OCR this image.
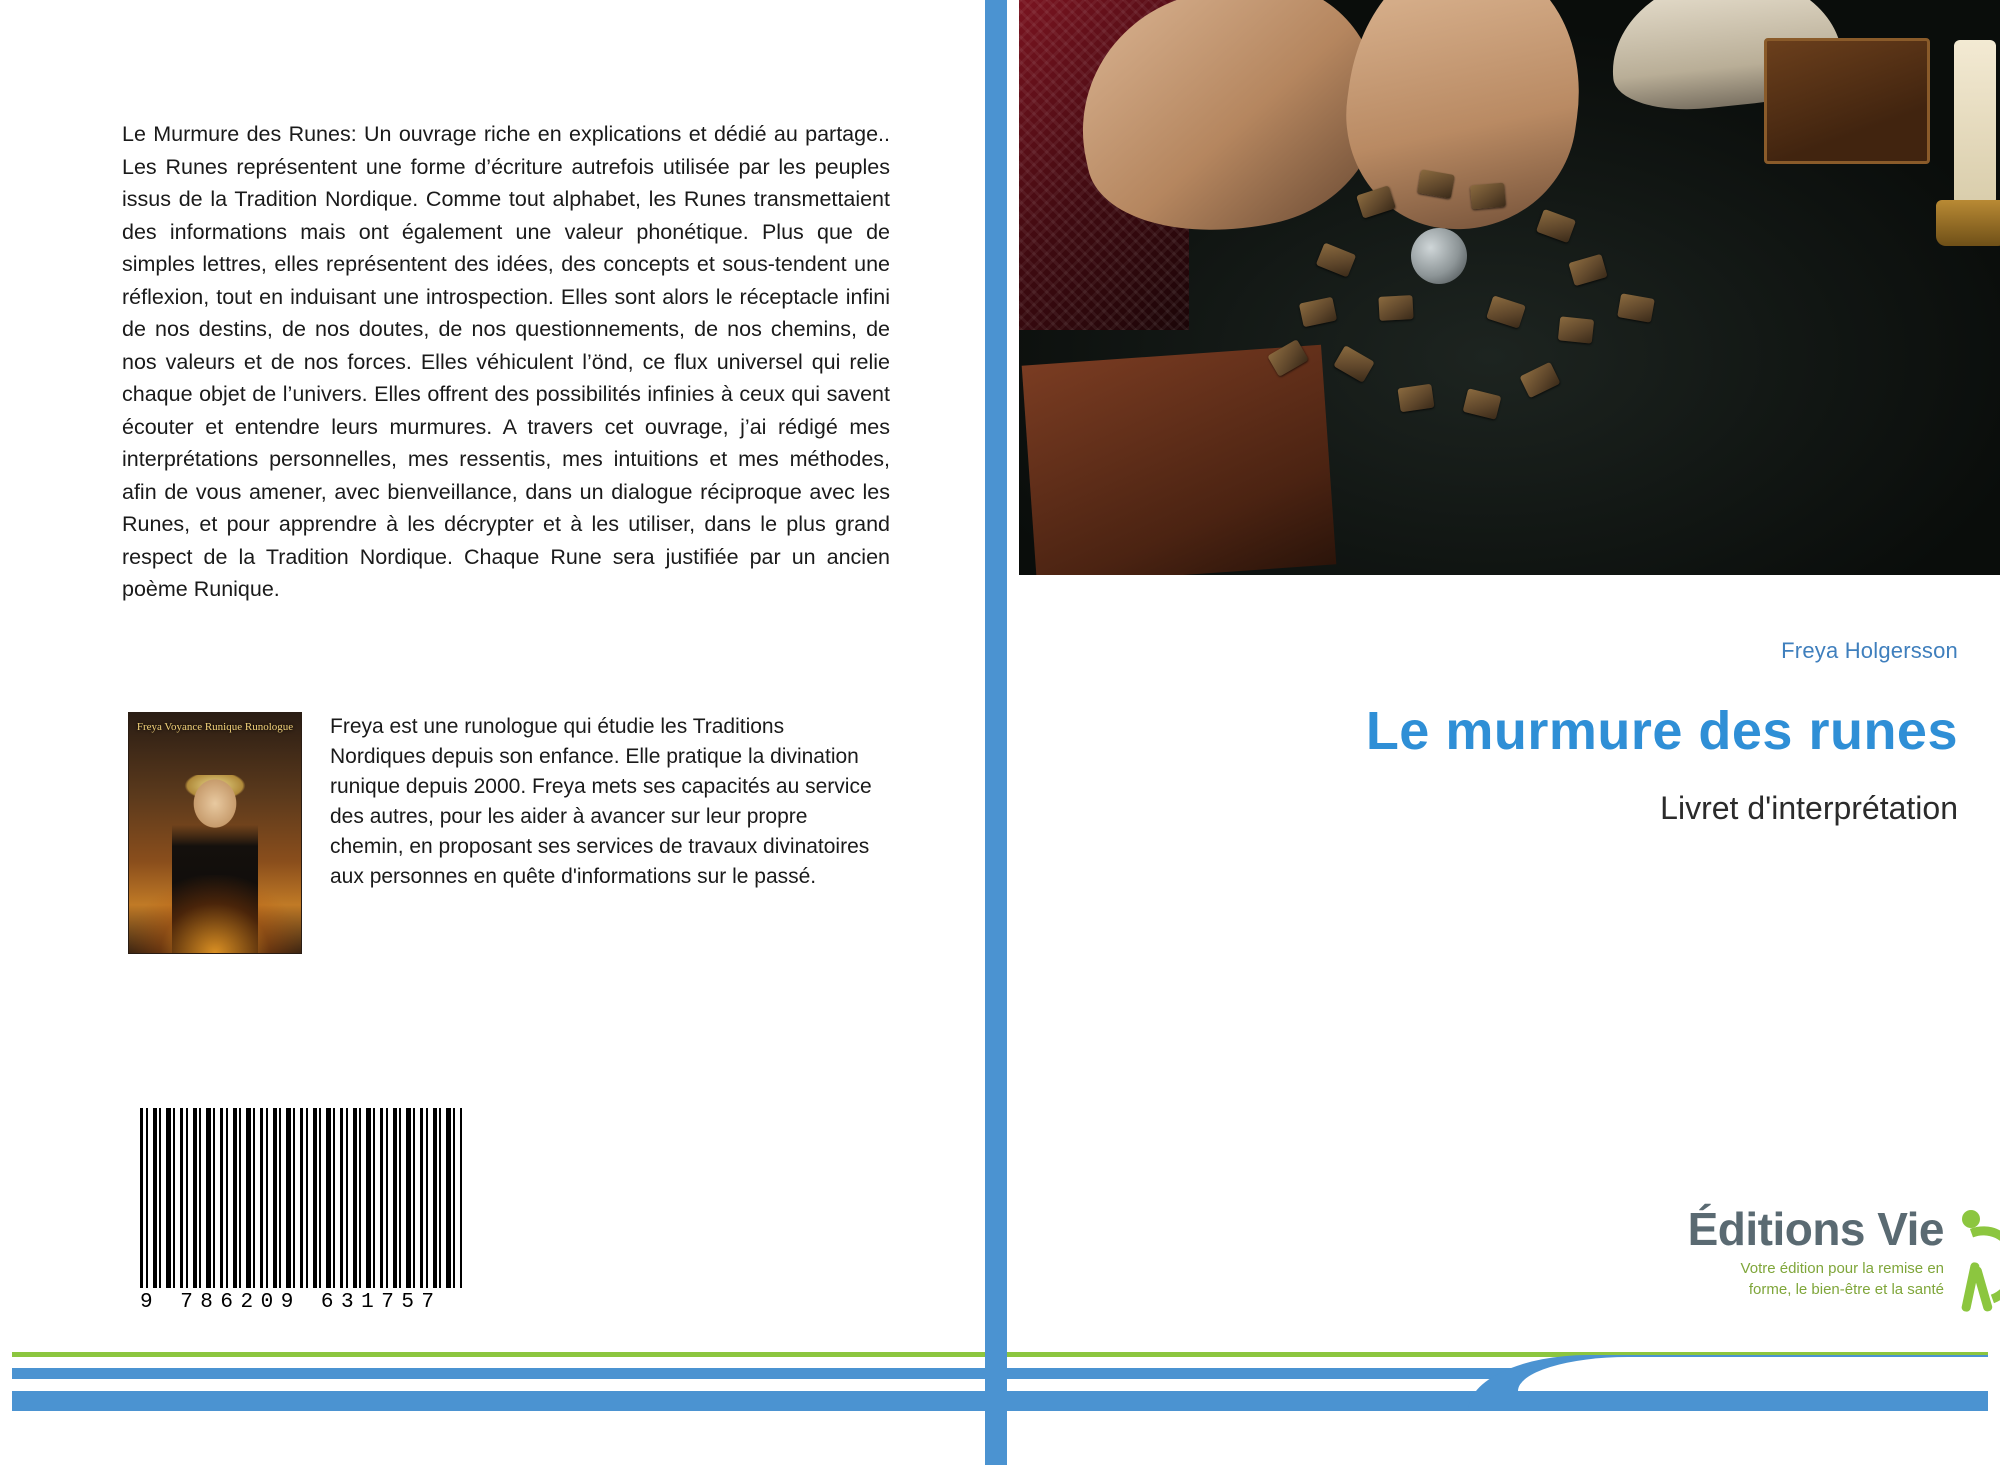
Le Murmure des Runes: Un ouvrage riche en explications et dédié au partage.. Les Runes représentent une forme d’écriture autrefois utilisée par les peuples issus de la Tradition Nordique. Comme tout alphabet, les Runes transmettaient des informations mais ont également une valeur phonétique. Plus que de simples lettres, elles représentent des idées, des concepts et sous-tendent une réflexion, tout en induisant une introspection. Elles sont alors le réceptacle infini de nos destins, de nos doutes, de nos questionnements, de nos chemins, de nos valeurs et de nos forces. Elles véhiculent l’önd, ce flux universel qui relie chaque objet de l’univers. Elles offrent des possibilités infinies à ceux qui savent écouter et entendre leurs murmures. A travers cet ouvrage, j’ai rédigé mes interprétations personnelles, mes ressentis, mes intuitions et mes méthodes, afin de vous amener, avec bienveillance, dans un dialogue réciproque avec les Runes, et pour apprendre à les décrypter et à les utiliser, dans le plus grand respect de la Tradition Nordique. Chaque Rune sera justifiée par un ancien poème Runique.
Freya Voyance Runique Runologue	Freya est une runologue qui étudie les Traditions Nordiques depuis son enfance. Elle pratique la divination runique depuis 2000. Freya mets ses capacités au service des autres, pour les aider à avancer sur leur propre chemin, en proposant ses services de travaux divinatoires aux personnes en quête d'informations sur le passé.
9 786209 631757
Freya Holgersson
Le murmure des runes
Livret d'interprétation
Éditions Vie
Votre édition pour la remise en
forme, le bien-être et la santé
